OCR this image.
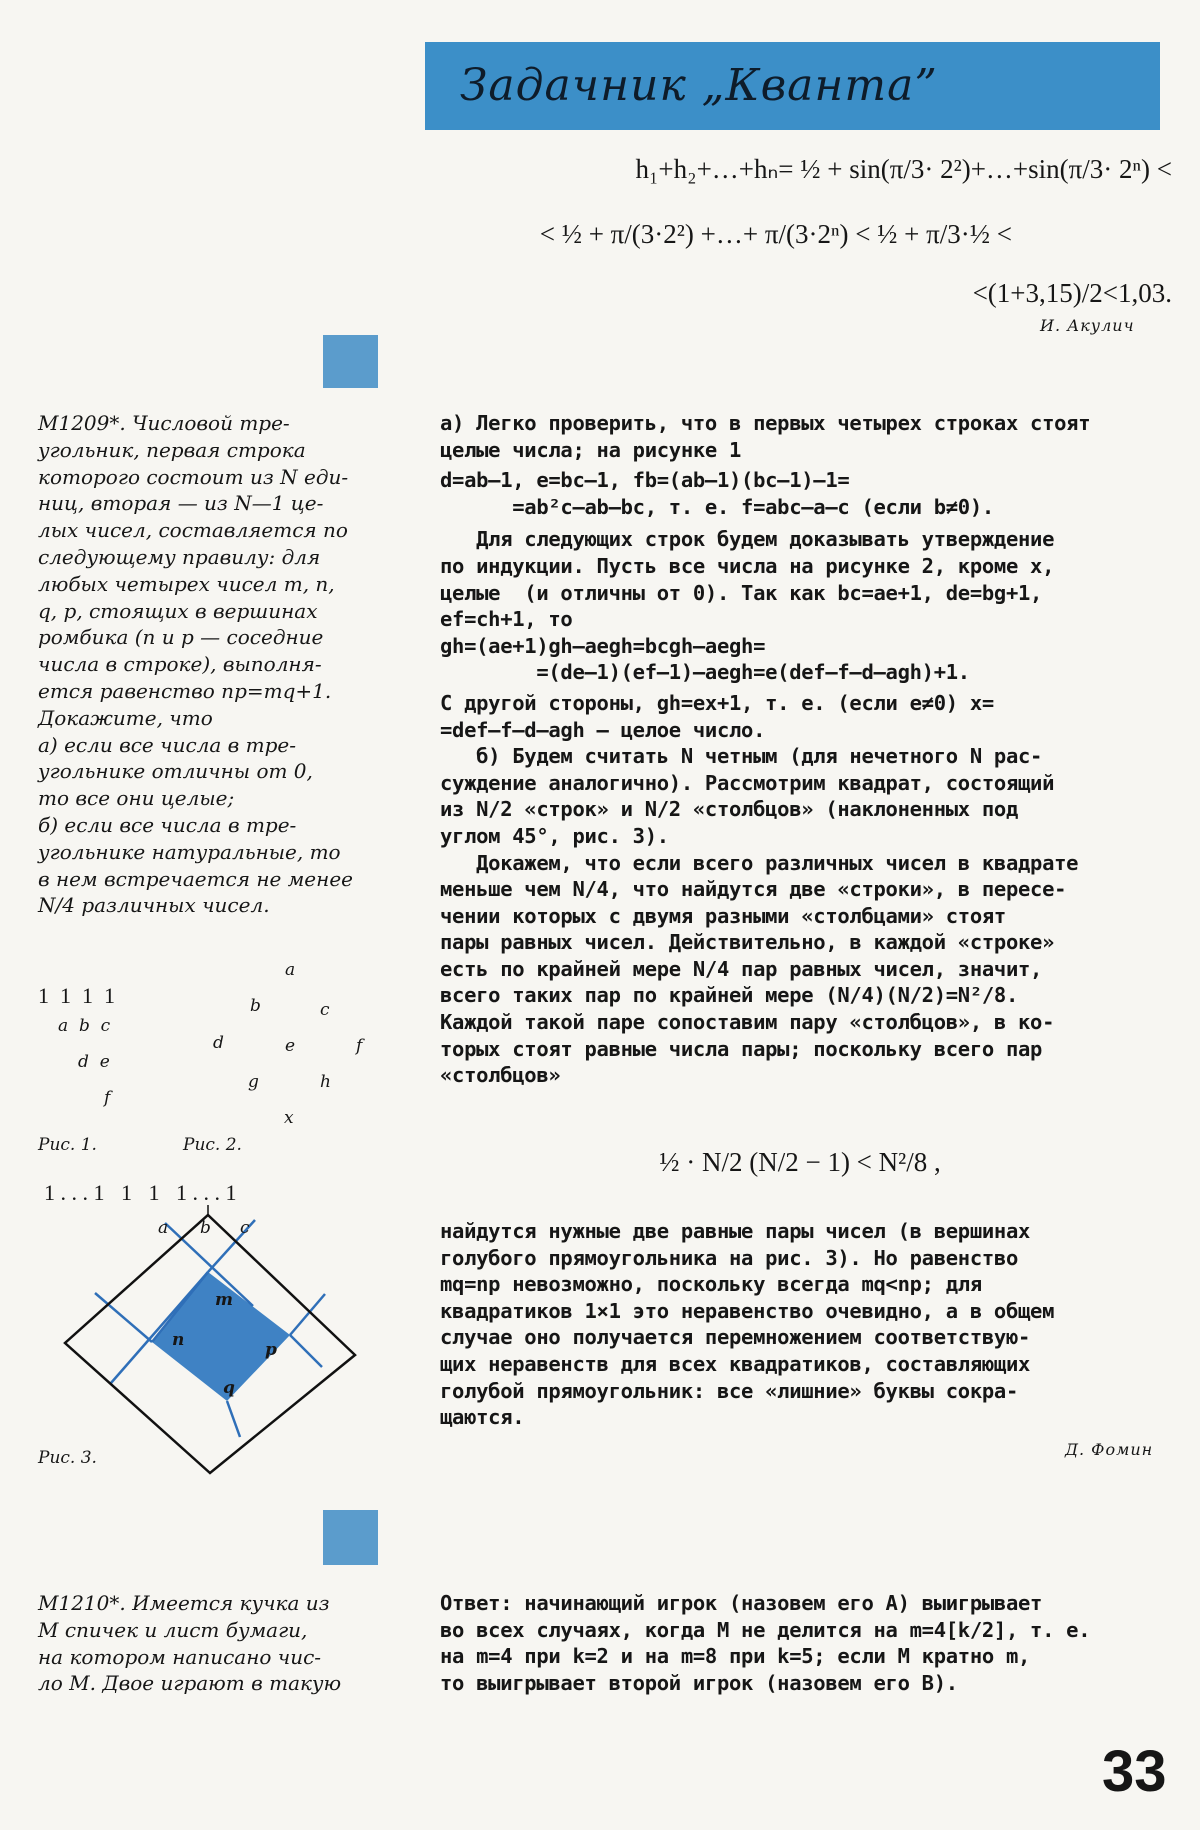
Задачник „Кванта”
h₁+h₂+…+hₙ= ½ + sin(π/3· 2²)+…+sin(π/3· 2ⁿ) <
< ½ + π/(3·2²) +…+ π/(3·2ⁿ) < ½ + π/3·½ <
<(1+3,15)/2<1,03.
И. Акулич
М1209*. Числовой тре-
угольник, первая строка
которого состоит из N еди-
ниц, вторая — из N—1 це-
лых чисел, составляется по
следующему правилу: для
любых четырех чисел m, n,
q, p, стоящих в вершинах
ромбика (n и p — соседние
числа в строке), выполня-
ется равенство np=mq+1.
Докажите, что
а) если все числа в тре-
угольнике отличны от 0,
то все они целые;
б) если все числа в тре-
угольнике натуральные, то
в нем встречается не менее
N/4 различных чисел.
а) Легко проверить, что в первых четырех строках стоят
целые числа; на рисунке 1
d=ab—1, e=bc—1, fb=(ab—1)(bc—1)—1=
=ab²c—ab—bc, т. е. f=abc—a—c (если b≠0).
Для следующих строк будем доказывать утверждение
по индукции. Пусть все числа на рисунке 2, кроме x,
целые  (и отличны от 0). Так как bc=ae+1, de=bg+1,
ef=ch+1, то
gh=(ae+1)gh—aegh=bcgh—aegh=
=(de—1)(ef—1)—aegh=e(def—f—d—agh)+1.
С другой стороны, gh=ex+1, т. е. (если e≠0) x=
=def—f—d—agh — целое число.
б) Будем считать N четным (для нечетного N рас-
суждение аналогично). Рассмотрим квадрат, состоящий
из N/2 «строк» и N/2 «столбцов» (наклоненных под
углом 45°, рис. 3).
Докажем, что если всего различных чисел в квадрате
меньше чем N/4, что найдутся две «строки», в пересе-
чении которых с двумя разными «столбцами» стоят
пары равных чисел. Действительно, в каждой «строке»
есть по крайней мере N/4 пар равных чисел, значит,
всего таких пар по крайней мере (N/4)(N/2)=N²/8.
Каждой такой паре сопоставим пару «столбцов», в ко-
торых стоят равные числа пары; поскольку всего пар
«столбцов»
½ · N/2 (N/2 − 1) < N²/8 ,
найдутся нужные две равные пары чисел (в вершинах
голубого прямоугольника на рис. 3). Но равенство
mq=np невозможно, поскольку всегда mq<np; для
квадратиков 1×1 это неравенство очевидно, а в общем
случае оно получается перемножением соответствую-
щих неравенств для всех квадратиков, составляющих
голубой прямоугольник: все «лишние» буквы сокра-
щаются.
Д. Фомин
1  1  1  1
a  b  c
d  e
f
Рис. 1.
a
b	c
d	e	f
g	h
x
Рис. 2.
1 . . . 1   1   1   1 . . . 1
a b c
m
n	p
q
Рис. 3.
М1210*. Имеется кучка из
M спичек и лист бумаги,
на котором написано чис-
ло M. Двое играют в такую
Ответ: начинающий игрок (назовем его A) выигрывает
во всех случаях, когда M не делится на m=4[k/2], т. е.
на m=4 при k=2 и на m=8 при k=5; если M кратно m,
то выигрывает второй игрок (назовем его B).
33
